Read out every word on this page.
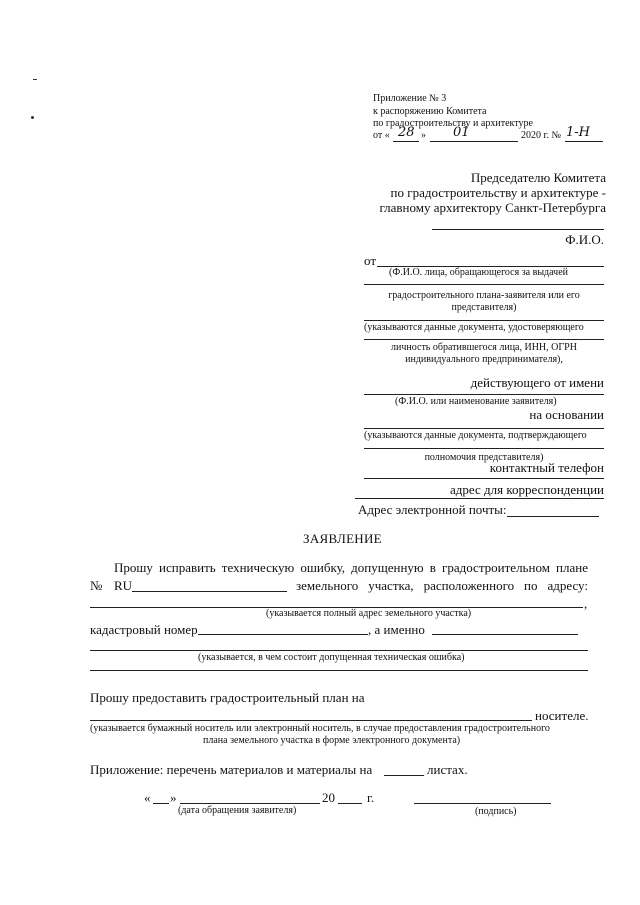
Приложение № 3
к распоряжению Комитета
по градостроительству и архитектуре
от « 28 » 01	2020 г. № 1-Н
Председателю Комитета
по градостроительству и архитектуре -
главному архитектору Санкт-Петербурга
Ф.И.О.
от
(Ф.И.О. лица, обращающегося за выдачей
градостроительного плана-заявителя или его
представителя)
(указываются данные документа, удостоверяющего
личность обратившегося лица, ИНН, ОГРН
индивидуального предпринимателя),
действующего от имени
(Ф.И.О. или наименование заявителя)
на основании
(указываются данные документа, подтверждающего
полномочия представителя)
контактный телефон
адрес для корреспонденции
Адрес электронной почты:
ЗАЯВЛЕНИЕ
Прошу исправить техническую ошибку, допущенную в градостроительном плане
№ RU	земельного участка, расположенного по адресу:
,
(указывается полный адрес земельного участка)
кадастровый номер	, а именно
(указывается, в чем состоит допущенная техническая ошибка)
Прошу предоставить градостроительный план на
носителе.
(указывается бумажный носитель или электронный носитель, в случае предоставления градостроительного
плана земельного участка в форме электронного документа)
Приложение: перечень материалов и материалы на	листах.
« »	20 г.
(дата обращения заявителя)	(подпись)
